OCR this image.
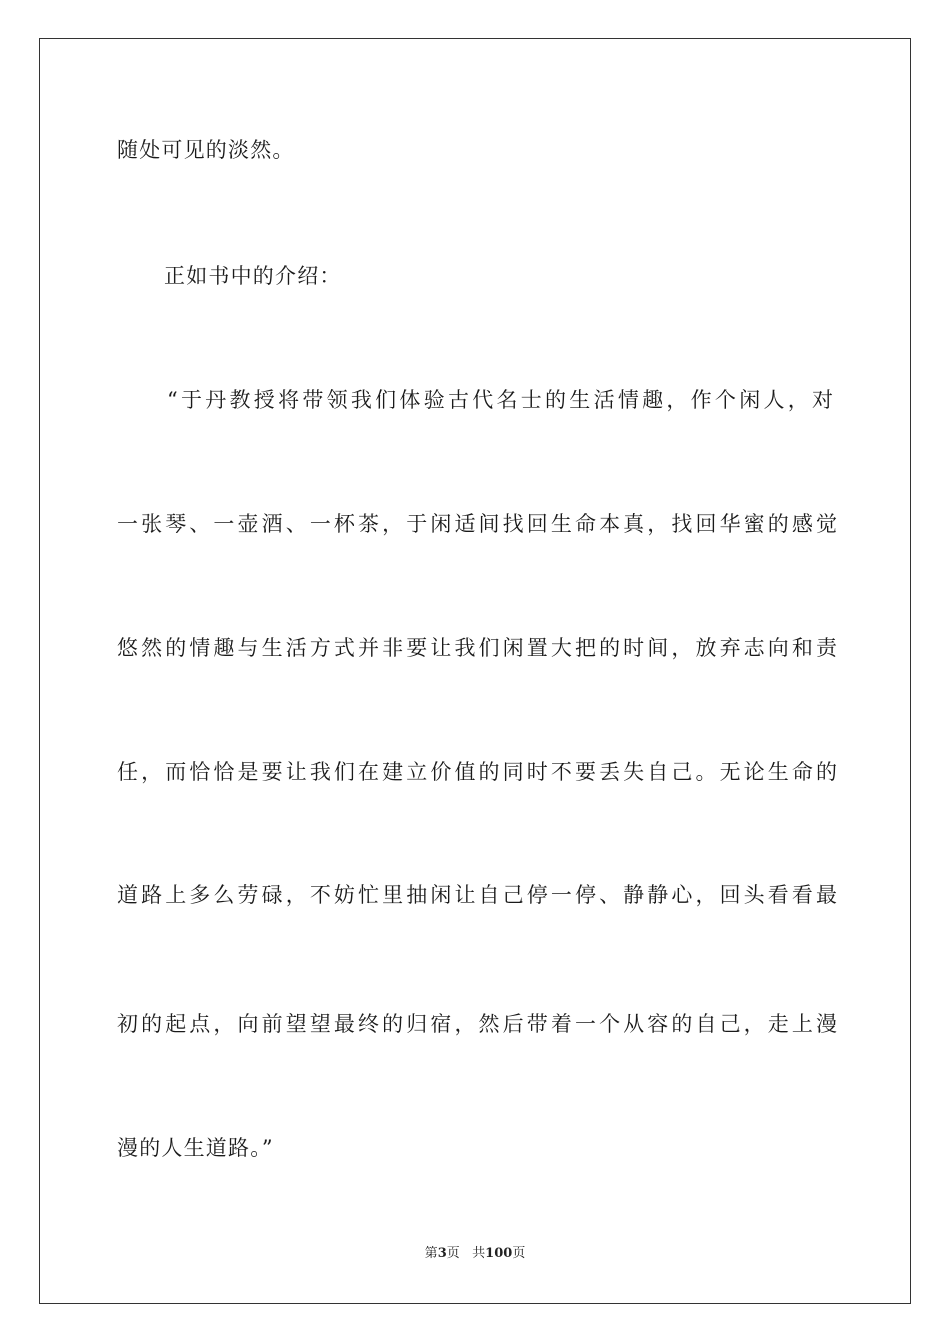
随处可见的淡然。
正如书中的介绍：
“于丹教授将带领我们体验古代名士的生活情趣，作个闲人，对
一张琴、一壶酒、一杯茶，于闲适间找回生命本真，找回华蜜的感觉
悠然的情趣与生活方式并非要让我们闲置大把的时间，放弃志向和责
任，而恰恰是要让我们在建立价值的同时不要丢失自己。无论生命的
道路上多么劳碌，不妨忙里抽闲让自己停一停、静静心，回头看看最
初的起点，向前望望最终的归宿，然后带着一个从容的自己，走上漫
漫的人生道路。”
第3页 共100页
